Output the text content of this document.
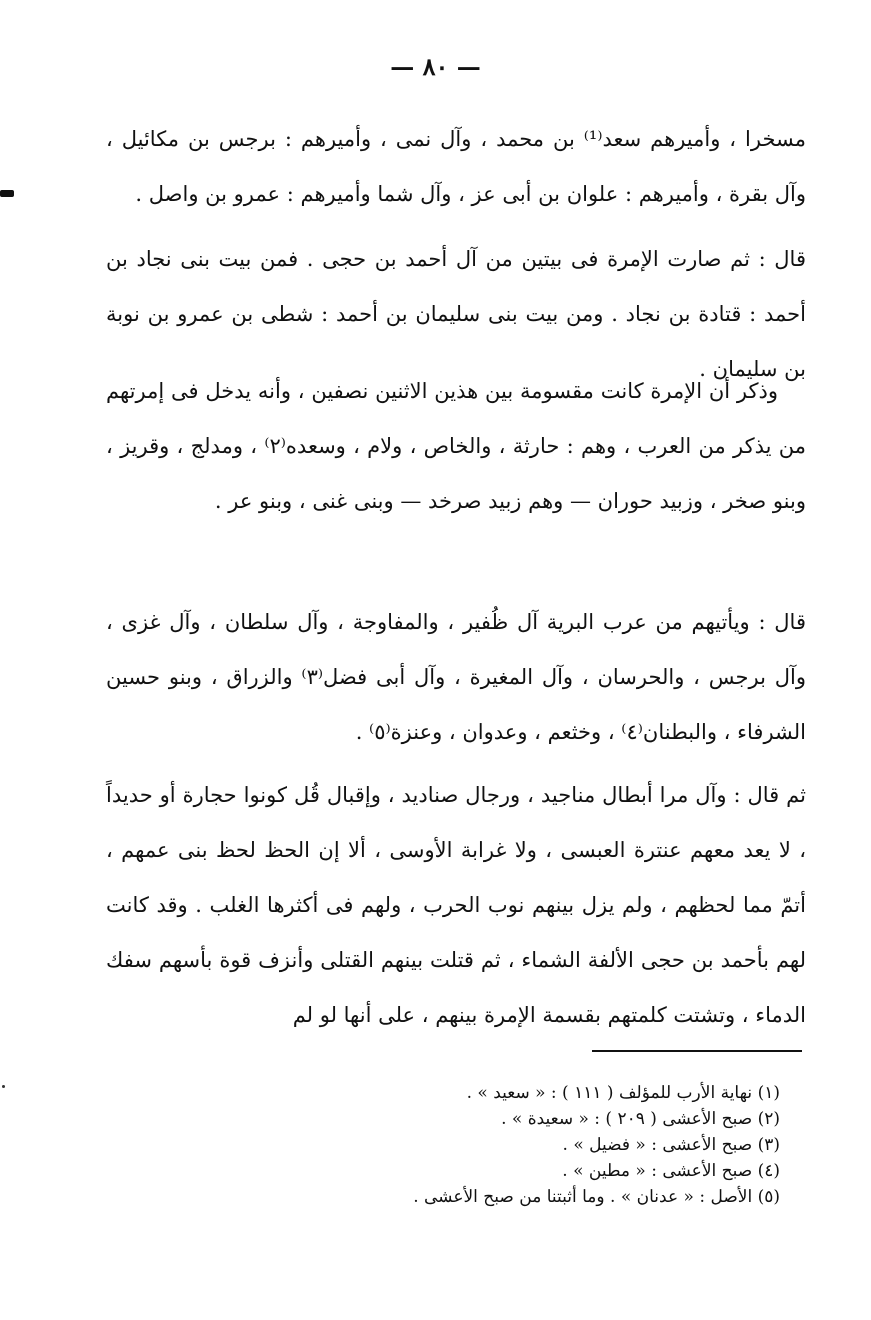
— ٨٠ —

مسخرا ، وأميرهم سعد⁽¹⁾ بن محمد ، وآل نمى ، وأميرهم : برجس بن مكائيل ، وآل بقرة ، وأميرهم : علوان بن أبى عز ، وآل شما وأميرهم : عمرو بن واصل .

قال : ثم صارت الإمرة فى بيتين من آل أحمد بن حجى . فمن بيت بنى نجاد بن أحمد : قتادة بن نجاد . ومن بيت بنى سليمان بن أحمد : شطى بن عمرو بن نوبة بن سليمان .

وذكر أن الإمرة كانت مقسومة بين هذين الاثنين نصفين ، وأنه يدخل فى إمرتهم من يذكر من العرب ، وهم : حارثة ، والخاص ، ولام ، وسعده⁽٢⁾ ، ومدلج ، وقريز ، وبنو صخر ، وزبيد حوران — وهم زبيد صرخد — وبنى غنى ، وبنو عر .

قال : ويأتيهم من عرب البرية آل ظُفير ، والمفاوجة ، وآل سلطان ، وآل غزى ، وآل برجس ، والحرسان ، وآل المغيرة ، وآل أبى فضل⁽٣⁾ والزراق ، وبنو حسين الشرفاء ، والبطنان⁽٤⁾ ، وخثعم ، وعدوان ، وعنزة⁽٥⁾ .

ثم قال : وآل مرا أبطال مناجيد ، ورجال صناديد ، وإقبال قُل كونوا حجارة أو حديداً ، لا يعد معهم عنترة العبسى ، ولا غرابة الأوسى ، ألا إن الحظ لحظ بنى عمهم ، أتمّ مما لحظهم ، ولم يزل بينهم نوب الحرب ، ولهم فى أكثرها الغلب . وقد كانت لهم بأحمد بن حجى الألفة الشماء ، ثم قتلت بينهم القتلى وأنزف قوة بأسهم سفك الدماء ، وتشتت كلمتهم بقسمة الإمرة بينهم ، على أنها لو لم

(١) نهاية الأرب للمؤلف ( ١١١ ) : « سعيد » .

(٢) صبح الأعشى ( ٢٠٩ ) : « سعيدة » .

(٣) صبح الأعشى : « فضيل » .

(٤) صبح الأعشى : « مطين » .

(٥) الأصل : « عدنان » . وما أثبتنا من صبح الأعشى .
